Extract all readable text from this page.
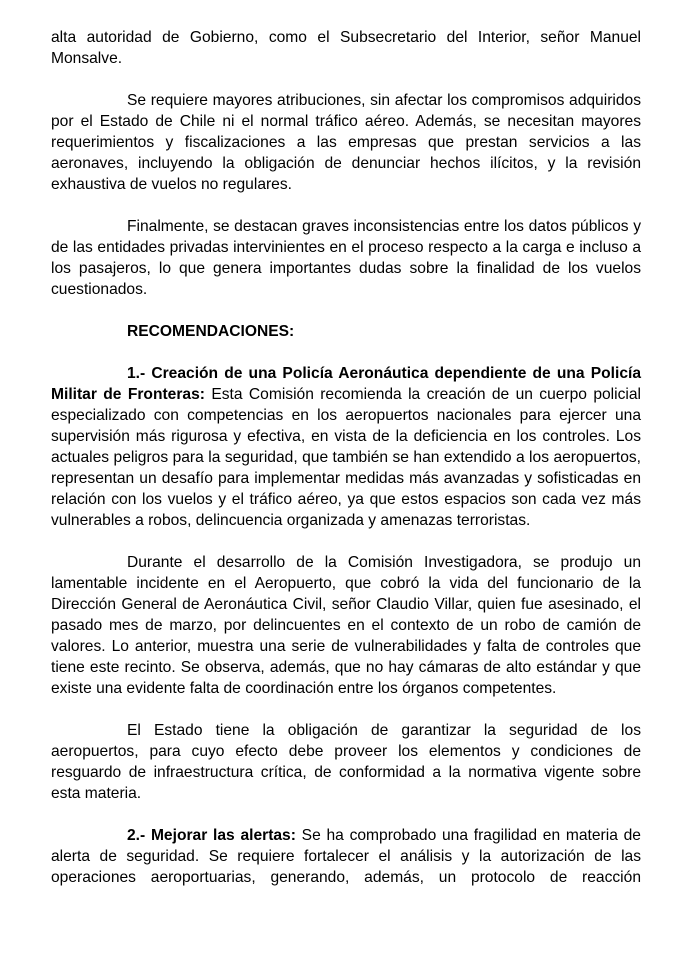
alta autoridad de Gobierno, como el Subsecretario del Interior, señor Manuel Monsalve.

Se requiere mayores atribuciones, sin afectar los compromisos adquiridos por el Estado de Chile ni el normal tráfico aéreo. Además, se necesitan mayores requerimientos y fiscalizaciones a las empresas que prestan servicios a las aeronaves, incluyendo la obligación de denunciar hechos ilícitos, y la revisión exhaustiva de vuelos no regulares.

Finalmente, se destacan graves inconsistencias entre los datos públicos y de las entidades privadas intervinientes en el proceso respecto a la carga e incluso a los pasajeros, lo que genera importantes dudas sobre la finalidad de los vuelos cuestionados.

RECOMENDACIONES:

1.- Creación de una Policía Aeronáutica dependiente de una Policía Militar de Fronteras: Esta Comisión recomienda la creación de un cuerpo policial especializado con competencias en los aeropuertos nacionales para ejercer una supervisión más rigurosa y efectiva, en vista de la deficiencia en los controles. Los actuales peligros para la seguridad, que también se han extendido a los aeropuertos, representan un desafío para implementar medidas más avanzadas y sofisticadas en relación con los vuelos y el tráfico aéreo, ya que estos espacios son cada vez más vulnerables a robos, delincuencia organizada y amenazas terroristas.

Durante el desarrollo de la Comisión Investigadora, se produjo un lamentable incidente en el Aeropuerto, que cobró la vida del funcionario de la Dirección General de Aeronáutica Civil, señor Claudio Villar, quien fue asesinado, el pasado mes de marzo, por delincuentes en el contexto de un robo de camión de valores. Lo anterior, muestra una serie de vulnerabilidades y falta de controles que tiene este recinto. Se observa, además, que no hay cámaras de alto estándar y que existe una evidente falta de coordinación entre los órganos competentes.

El Estado tiene la obligación de garantizar la seguridad de los aeropuertos, para cuyo efecto debe proveer los elementos y condiciones de resguardo de infraestructura crítica, de conformidad a la normativa vigente sobre esta materia.

2.- Mejorar las alertas: Se ha comprobado una fragilidad en materia de alerta de seguridad. Se requiere fortalecer el análisis y la autorización de las operaciones aeroportuarias, generando, además, un protocolo de reacción
